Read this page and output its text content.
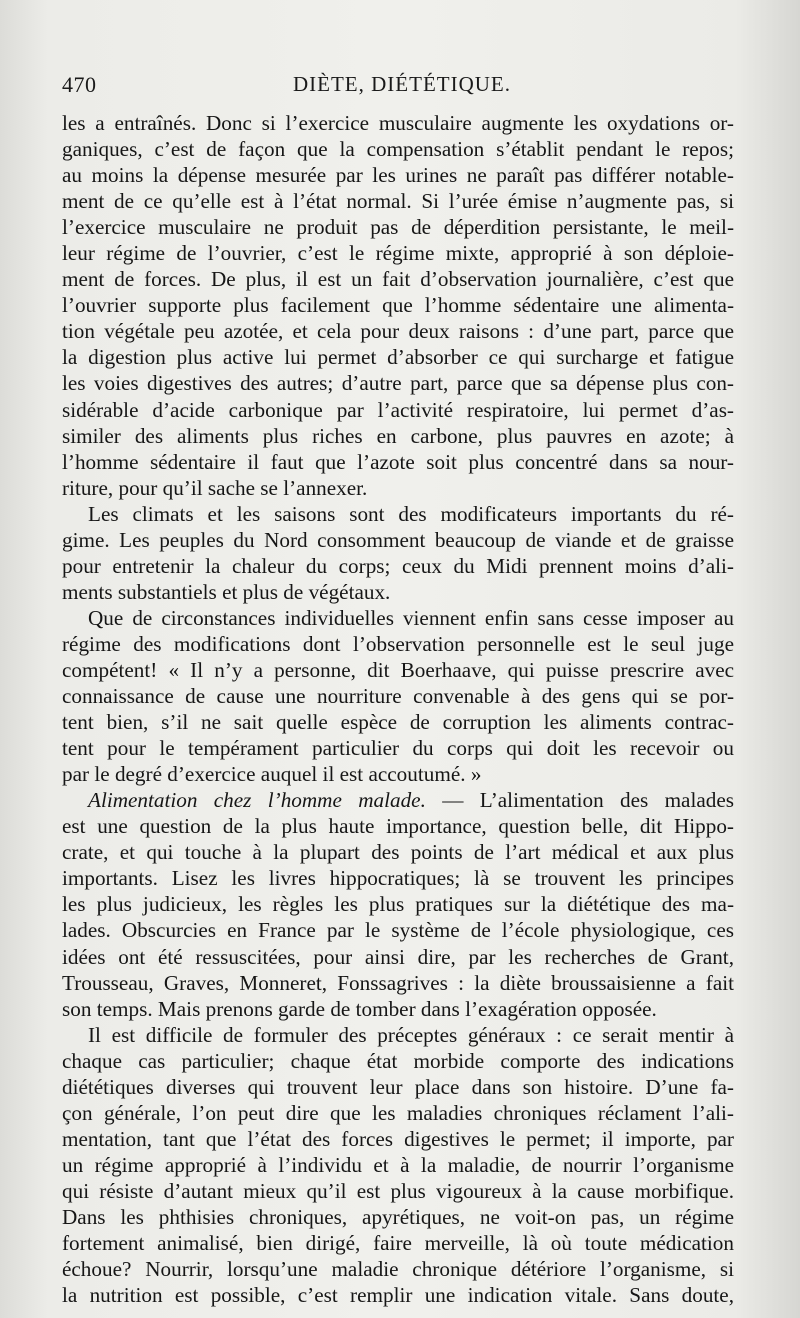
470	DIÈTE, DIÉTÉTIQUE.
les a entraînés. Donc si l’exercice musculaire augmente les oxydations or-
ganiques, c’est de façon que la compensation s’établit pendant le repos;
au moins la dépense mesurée par les urines ne paraît pas différer notable-
ment de ce qu’elle est à l’état normal. Si l’urée émise n’augmente pas, si
l’exercice musculaire ne produit pas de déperdition persistante, le meil-
leur régime de l’ouvrier, c’est le régime mixte, approprié à son déploie-
ment de forces. De plus, il est un fait d’observation journalière, c’est que
l’ouvrier supporte plus facilement que l’homme sédentaire une alimenta-
tion végétale peu azotée, et cela pour deux raisons : d’une part, parce que
la digestion plus active lui permet d’absorber ce qui surcharge et fatigue
les voies digestives des autres; d’autre part, parce que sa dépense plus con-
sidérable d’acide carbonique par l’activité respiratoire, lui permet d’as-
similer des aliments plus riches en carbone, plus pauvres en azote; à
l’homme sédentaire il faut que l’azote soit plus concentré dans sa nour-
riture, pour qu’il sache se l’annexer.
Les climats et les saisons sont des modificateurs importants du ré-
gime. Les peuples du Nord consomment beaucoup de viande et de graisse
pour entretenir la chaleur du corps; ceux du Midi prennent moins d’ali-
ments substantiels et plus de végétaux.
Que de circonstances individuelles viennent enfin sans cesse imposer au
régime des modifications dont l’observation personnelle est le seul juge
compétent! « Il n’y a personne, dit Boerhaave, qui puisse prescrire avec
connaissance de cause une nourriture convenable à des gens qui se por-
tent bien, s’il ne sait quelle espèce de corruption les aliments contrac-
tent pour le tempérament particulier du corps qui doit les recevoir ou
par le degré d’exercice auquel il est accoutumé. »
Alimentation chez l’homme malade. — L’alimentation des malades
est une question de la plus haute importance, question belle, dit Hippo-
crate, et qui touche à la plupart des points de l’art médical et aux plus
importants. Lisez les livres hippocratiques; là se trouvent les principes
les plus judicieux, les règles les plus pratiques sur la diététique des ma-
lades. Obscurcies en France par le système de l’école physiologique, ces
idées ont été ressuscitées, pour ainsi dire, par les recherches de Grant,
Trousseau, Graves, Monneret, Fonssagrives : la diète broussaisienne a fait
son temps. Mais prenons garde de tomber dans l’exagération opposée.
Il est difficile de formuler des préceptes généraux : ce serait mentir à
chaque cas particulier; chaque état morbide comporte des indications
diététiques diverses qui trouvent leur place dans son histoire. D’une fa-
çon générale, l’on peut dire que les maladies chroniques réclament l’ali-
mentation, tant que l’état des forces digestives le permet; il importe, par
un régime approprié à l’individu et à la maladie, de nourrir l’organisme
qui résiste d’autant mieux qu’il est plus vigoureux à la cause morbifique.
Dans les phthisies chroniques, apyrétiques, ne voit-on pas, un régime
fortement animalisé, bien dirigé, faire merveille, là où toute médication
échoue? Nourrir, lorsqu’une maladie chronique détériore l’organisme, si
la nutrition est possible, c’est remplir une indication vitale. Sans doute,
